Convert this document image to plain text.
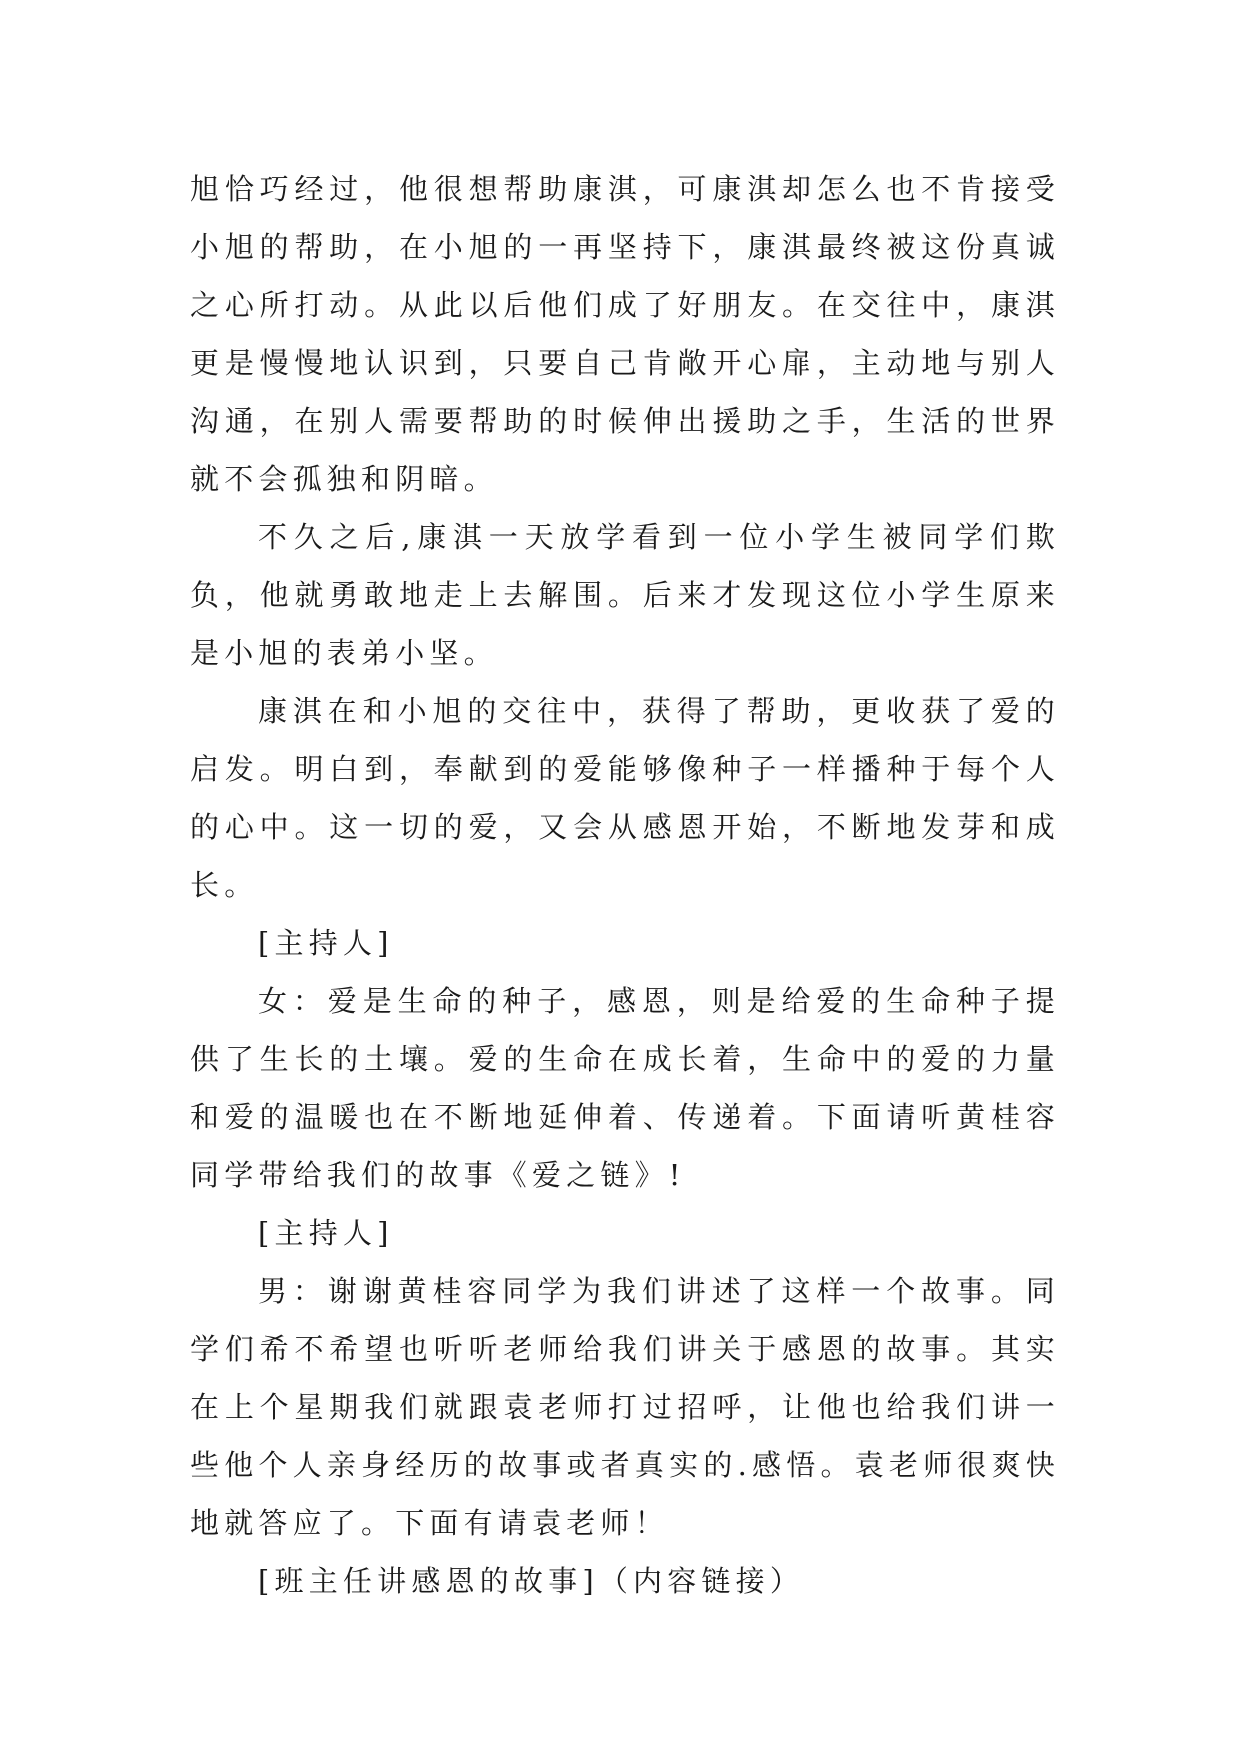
旭恰巧经过，他很想帮助康淇，可康淇却怎么也不肯接受小旭的帮助，在小旭的一再坚持下，康淇最终被这份真诚之心所打动。从此以后他们成了好朋友。在交往中，康淇更是慢慢地认识到，只要自己肯敞开心扉，主动地与别人沟通，在别人需要帮助的时候伸出援助之手，生活的世界就不会孤独和阴暗。

不久之后,康淇一天放学看到一位小学生被同学们欺负，他就勇敢地走上去解围。后来才发现这位小学生原来是小旭的表弟小坚。

康淇在和小旭的交往中，获得了帮助，更收获了爱的启发。明白到，奉献到的爱能够像种子一样播种于每个人的心中。这一切的爱，又会从感恩开始，不断地发芽和成长。

[主持人]

女：爱是生命的种子，感恩，则是给爱的生命种子提供了生长的土壤。爱的生命在成长着，生命中的爱的力量和爱的温暖也在不断地延伸着、传递着。下面请听黄桂容同学带给我们的故事《爱之链》!

[主持人]

男：谢谢黄桂容同学为我们讲述了这样一个故事。同学们希不希望也听听老师给我们讲关于感恩的故事。其实在上个星期我们就跟袁老师打过招呼，让他也给我们讲一些他个人亲身经历的故事或者真实的.感悟。袁老师很爽快地就答应了。下面有请袁老师！

[班主任讲感恩的故事]（内容链接）
